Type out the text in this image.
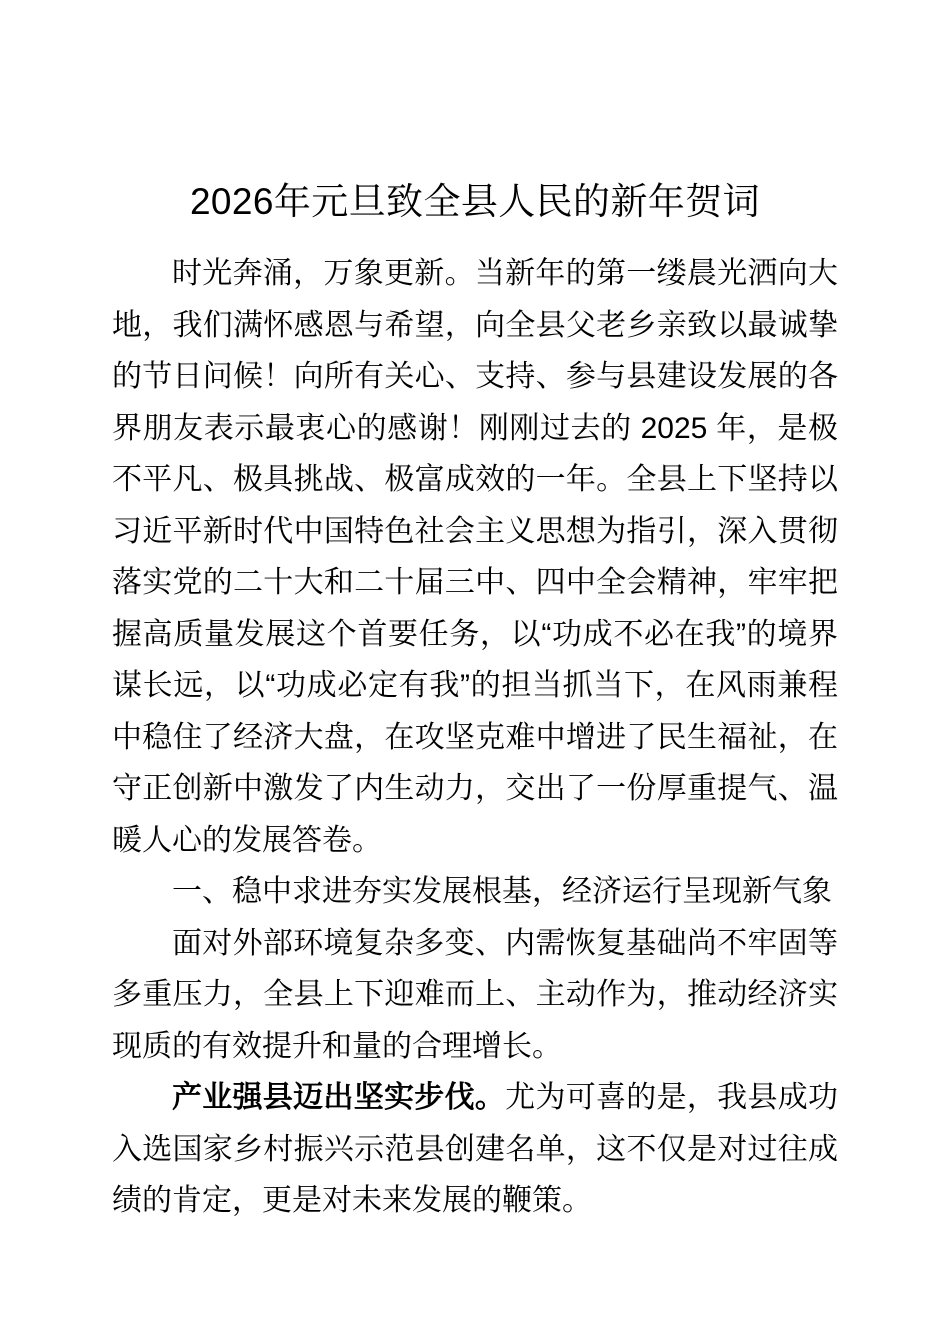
2026年元旦致全县人民的新年贺词

时光奔涌，万象更新。当新年的第一缕晨光洒向大地，我们满怀感恩与希望，向全县父老乡亲致以最诚挚的节日问候！向所有关心、支持、参与县建设发展的各界朋友表示最衷心的感谢！刚刚过去的 2025 年，是极不平凡、极具挑战、极富成效的一年。全县上下坚持以习近平新时代中国特色社会主义思想为指引，深入贯彻落实党的二十大和二十届三中、四中全会精神，牢牢把握高质量发展这个首要任务，以“功成不必在我”的境界谋长远，以“功成必定有我”的担当抓当下，在风雨兼程中稳住了经济大盘，在攻坚克难中增进了民生福祉，在守正创新中激发了内生动力，交出了一份厚重提气、温暖人心的发展答卷。

一、稳中求进夯实发展根基，经济运行呈现新气象

面对外部环境复杂多变、内需恢复基础尚不牢固等多重压力，全县上下迎难而上、主动作为，推动经济实现质的有效提升和量的合理增长。

产业强县迈出坚实步伐。尤为可喜的是，我县成功入选国家乡村振兴示范县创建名单，这不仅是对过往成绩的肯定，更是对未来发展的鞭策。
